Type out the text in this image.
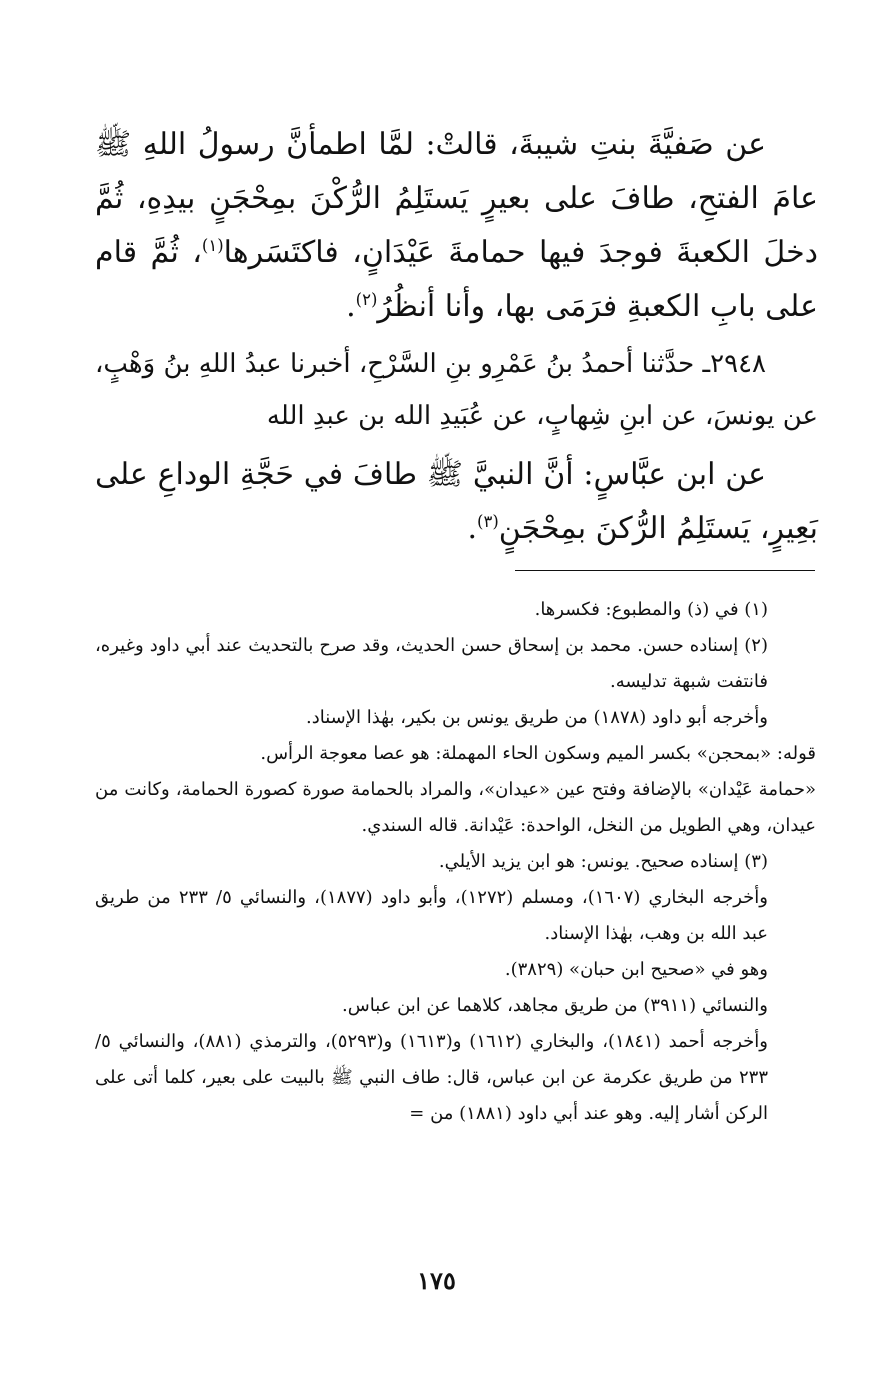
عن صَفيَّةَ بنتِ شيبةَ، قالتْ: لمَّا اطمأنَّ رسولُ اللهِ ﷺ عامَ الفتحِ، طافَ على بعيرٍ يَستَلِمُ الرُّكْنَ بمِحْجَنٍ بيدِهِ، ثُمَّ دخلَ الكعبةَ فوجدَ فيها حمامةَ عَيْدَانٍ، فاكتَسَرها$^{(١)}$، ثُمَّ قام على بابِ الكعبةِ فرَمَى بها، وأنا أنظُرُ$^{(٢)}$.

٢٩٤٨ـ حدَّثنا أحمدُ بنُ عَمْرِو بنِ السَّرْحِ، أخبرنا عبدُ اللهِ بنُ وَهْبٍ، عن يونسَ، عن ابنِ شِهابٍ، عن عُبَيدِ الله بن عبدِ الله

عن ابن عبَّاسٍ: أنَّ النبيَّ ﷺ طافَ في حَجَّةِ الوداعِ على بَعِيرٍ، يَستَلِمُ الرُّكنَ بمِحْجَنٍ$^{(٣)}$.

(١) في (ذ) والمطبوع: فكسرها.

(٢) إسناده حسن. محمد بن إسحاق حسن الحديث، وقد صرح بالتحديث عند أبي داود وغيره، فانتفت شبهة تدليسه.

وأخرجه أبو داود (١٨٧٨) من طريق يونس بن بكير، بهٰذا الإسناد.

قوله: «بمحجن» بكسر الميم وسكون الحاء المهملة: هو عصا معوجة الرأس.

«حمامة عَيْدان» بالإضافة وفتح عين «عيدان»، والمراد بالحمامة صورة كصورة الحمامة، وكانت من عيدان، وهي الطويل من النخل، الواحدة: عَيْدانة. قاله السندي.

(٣) إسناده صحيح. يونس: هو ابن يزيد الأيلي.

وأخرجه البخاري (١٦٠٧)، ومسلم (١٢٧٢)، وأبو داود (١٨٧٧)، والنسائي ٥/ ٢٣٣ من طريق عبد الله بن وهب، بهٰذا الإسناد.

وهو في «صحيح ابن حبان» (٣٨٢٩).

والنسائي (٣٩١١) من طريق مجاهد، كلاهما عن ابن عباس.

وأخرجه أحمد (١٨٤١)، والبخاري (١٦١٢) و(١٦١٣) و(٥٢٩٣)، والترمذي (٨٨١)، والنسائي ٥/ ٢٣٣ من طريق عكرمة عن ابن عباس، قال: طاف النبي ﷺ بالبيت على بعير، كلما أتى على الركن أشار إليه. وهو عند أبي داود (١٨٨١) من =

١٧٥
